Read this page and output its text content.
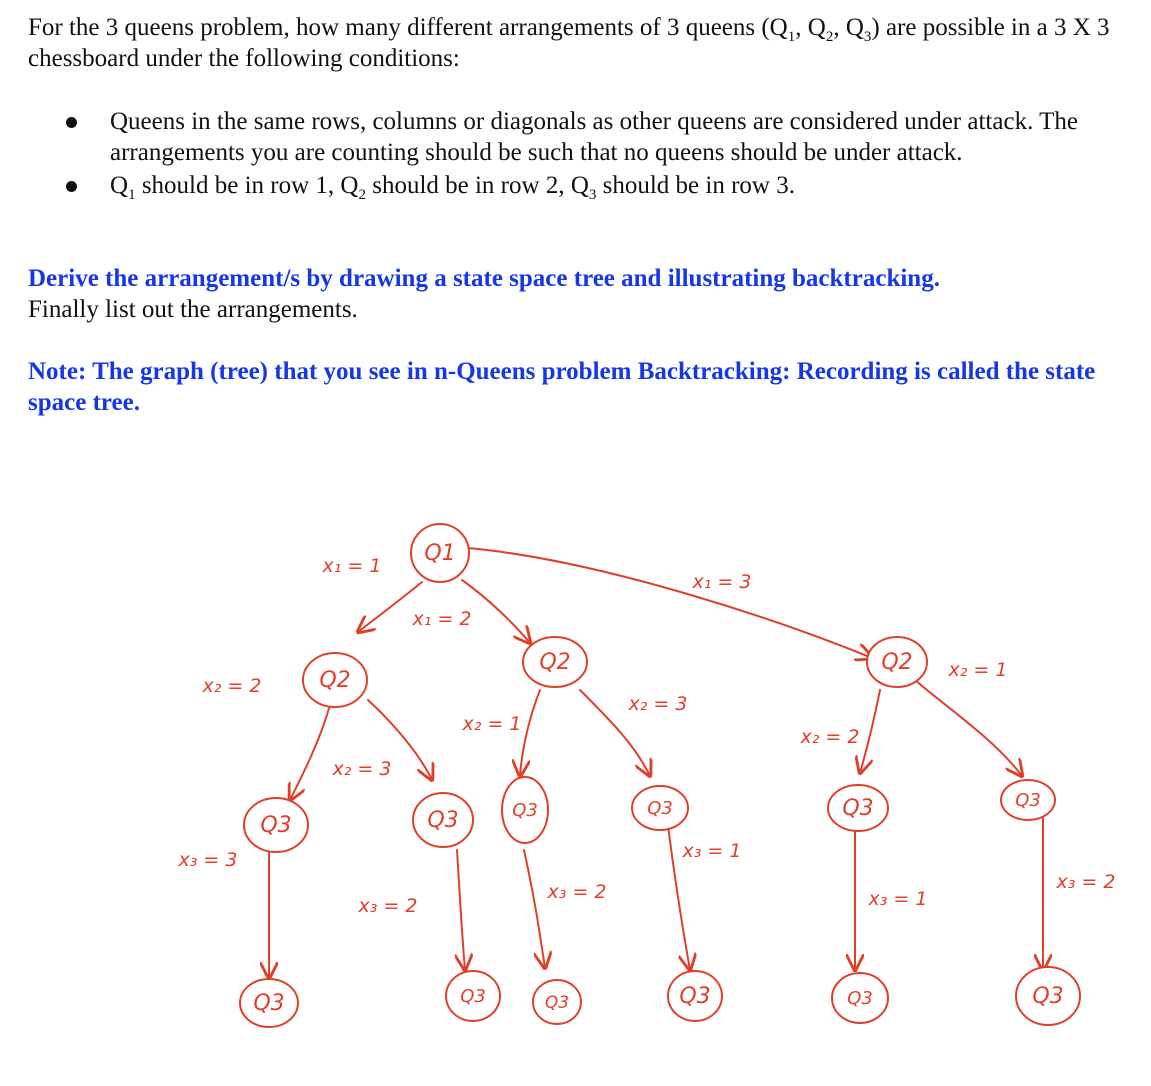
For the 3 queens problem, how many different arrangements of 3 queens ($Q_1$, $Q_2$, $Q_3$) are possible in a 3 X 3 chessboard under the following conditions:
Queens in the same rows, columns or diagonals as other queens are considered under attack. The arrangements you are counting should be such that no queens should be under attack.
$Q_1$ should be in row 1, $Q_2$ should be in row 2, $Q_3$ should be in row 3.
Derive the arrangement/s by drawing a state space tree and illustrating backtracking.
Finally list out the arrangements.
Note: The graph (tree) that you see in n-Queens problem Backtracking: Recording is called the state space tree.
Q1
Q2
Q2	Q2
Q3	Q3	Q3	Q3	Q3	Q3
Q3	Q3	Q3	Q3	Q3	Q3
x₁ = 1
x₁ = 2
x₁ = 3
x₂ = 2
x₂ = 3
x₂ = 1
x₂ = 3
x₂ = 2
x₂ = 1
x₃ = 3
x₃ = 2
x₃ = 2
x₃ = 1
x₃ = 1
x₃ = 2
